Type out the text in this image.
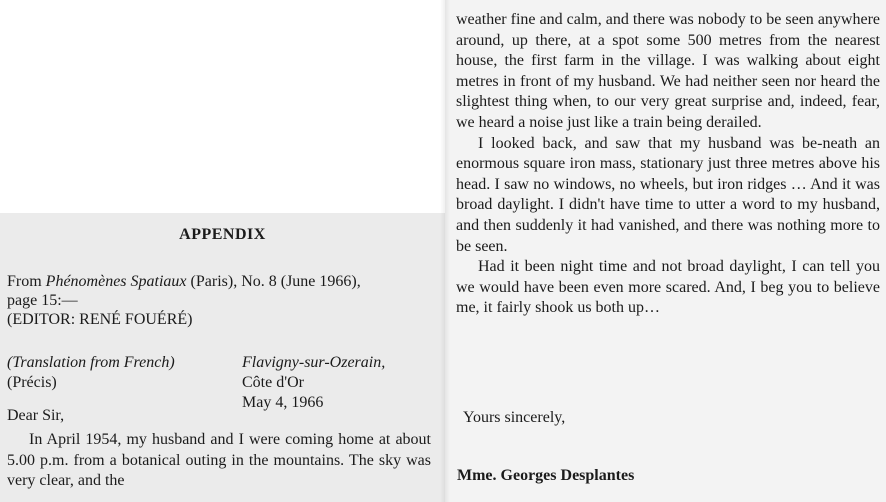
APPENDIX
From Phénomènes Spatiaux (Paris), No. 8 (June 1966),
page 15:—
(EDITOR: RENÉ FOUÉRÉ)
(Translation from French)
(Précis)
Flavigny-sur-Ozerain,
Côte d'Or
May 4, 1966
Dear Sir,

In April 1954, my husband and I were coming home at about 5.00 p.m. from a botanical outing in the mountains. The sky was very clear, and the

weather fine and calm, and there was nobody to be seen anywhere around, up there, at a spot some 500 metres from the nearest house, the first farm in the village. I was walking about eight metres in front of my husband. We had neither seen nor heard the slightest thing when, to our very great surprise and, indeed, fear, we heard a noise just like a train being derailed.

I looked back, and saw that my husband was be-neath an enormous square iron mass, stationary just three metres above his head. I saw no windows, no wheels, but iron ridges … And it was broad daylight. I didn't have time to utter a word to my husband, and then suddenly it had vanished, and there was nothing more to be seen.

Had it been night time and not broad daylight, I can tell you we would have been even more scared. And, I beg you to believe me, it fairly shook us both up…

Yours sincerely,
Mme. Georges Desplantes
